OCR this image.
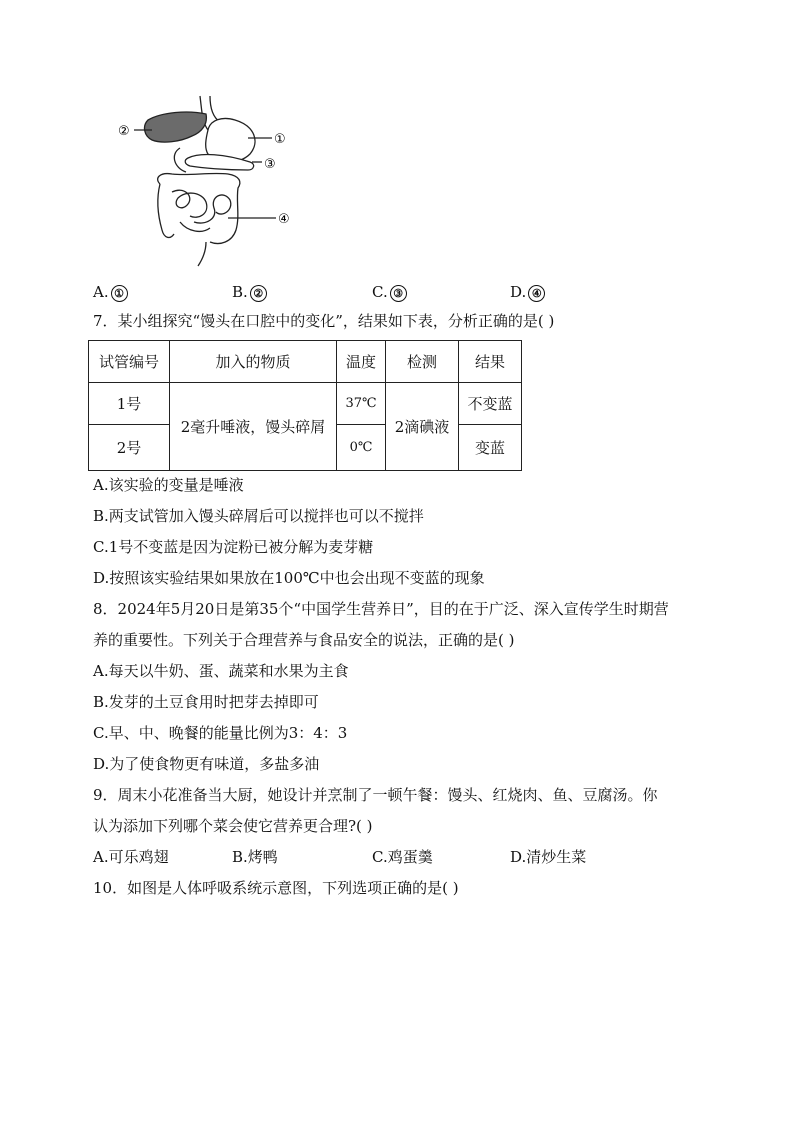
②
①
③
④
A. ①	B. ②	C. ③	D. ④
7．某小组探究“馒头在口腔中的变化”，结果如下表，分析正确的是( )
试管编号	加入的物质	温度	检测	结果
1号	2毫升唾液，馒头碎屑	37℃	2滴碘液	不变蓝
2号		0℃		变蓝
A.该实验的变量是唾液
B.两支试管加入馒头碎屑后可以搅拌也可以不搅拌
C.1号不变蓝是因为淀粉已被分解为麦芽糖
D.按照该实验结果如果放在100℃中也会出现不变蓝的现象
8．2024年5月20日是第35个“中国学生营养日”，目的在于广泛、深入宣传学生时期营
养的重要性。下列关于合理营养与食品安全的说法，正确的是( )
A.每天以牛奶、蛋、蔬菜和水果为主食
B.发芽的土豆食用时把芽去掉即可
C.早、中、晚餐的能量比例为3：4：3
D.为了使食物更有味道，多盐多油
9．周末小花准备当大厨，她设计并烹制了一顿午餐：馒头、红烧肉、鱼、豆腐汤。你
认为添加下列哪个菜会使它营养更合理?( )
A.可乐鸡翅	B.烤鸭	C.鸡蛋羹	D.清炒生菜
10．如图是人体呼吸系统示意图，下列选项正确的是( )
